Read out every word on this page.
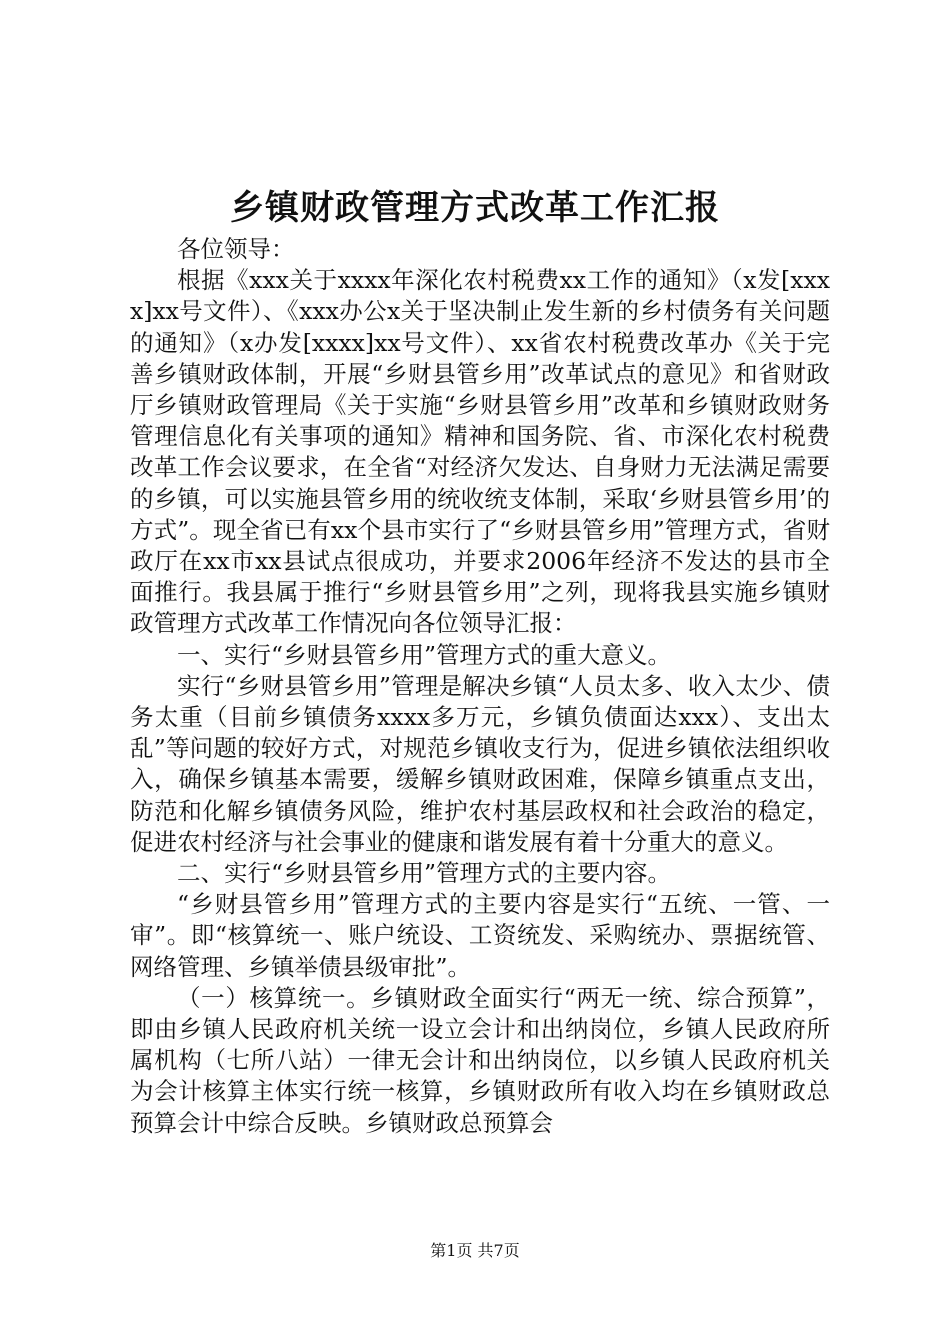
乡镇财政管理方式改革工作汇报

各位领导：

根据《xxx关于xxxx年深化农村税费xx工作的通知》（x发[xxxx]xx号文件）、《xxx办公x关于坚决制止发生新的乡村债务有关问题的通知》（x办发[xxxx]xx号文件）、xx省农村税费改革办《关于完善乡镇财政体制，开展“乡财县管乡用”改革试点的意见》和省财政厅乡镇财政管理局《关于实施“乡财县管乡用”改革和乡镇财政财务管理信息化有关事项的通知》精神和国务院、省、市深化农村税费改革工作会议要求，在全省“对经济欠发达、自身财力无法满足需要的乡镇，可以实施县管乡用的统收统支体制，采取‘乡财县管乡用’的方式”。现全省已有xx个县市实行了“乡财县管乡用”管理方式，省财政厅在xx市xx县试点很成功，并要求2006年经济不发达的县市全面推行。我县属于推行“乡财县管乡用”之列，现将我县实施乡镇财政管理方式改革工作情况向各位领导汇报：

一、实行“乡财县管乡用”管理方式的重大意义。

实行“乡财县管乡用”管理是解决乡镇“人员太多、收入太少、债务太重（目前乡镇债务xxxx多万元，乡镇负债面达xxx）、支出太乱”等问题的较好方式，对规范乡镇收支行为，促进乡镇依法组织收入，确保乡镇基本需要，缓解乡镇财政困难，保障乡镇重点支出，防范和化解乡镇债务风险，维护农村基层政权和社会政治的稳定，促进农村经济与社会事业的健康和谐发展有着十分重大的意义。

二、实行“乡财县管乡用”管理方式的主要内容。

“乡财县管乡用”管理方式的主要内容是实行“五统、一管、一审”。即“核算统一、账户统设、工资统发、采购统办、票据统管、网络管理、乡镇举债县级审批”。

（一）核算统一。乡镇财政全面实行“两无一统、综合预算”，即由乡镇人民政府机关统一设立会计和出纳岗位，乡镇人民政府所属机构（七所八站）一律无会计和出纳岗位，以乡镇人民政府机关为会计核算主体实行统一核算，乡镇财政所有收入均在乡镇财政总预算会计中综合反映。乡镇财政总预算会

第1页 共7页
